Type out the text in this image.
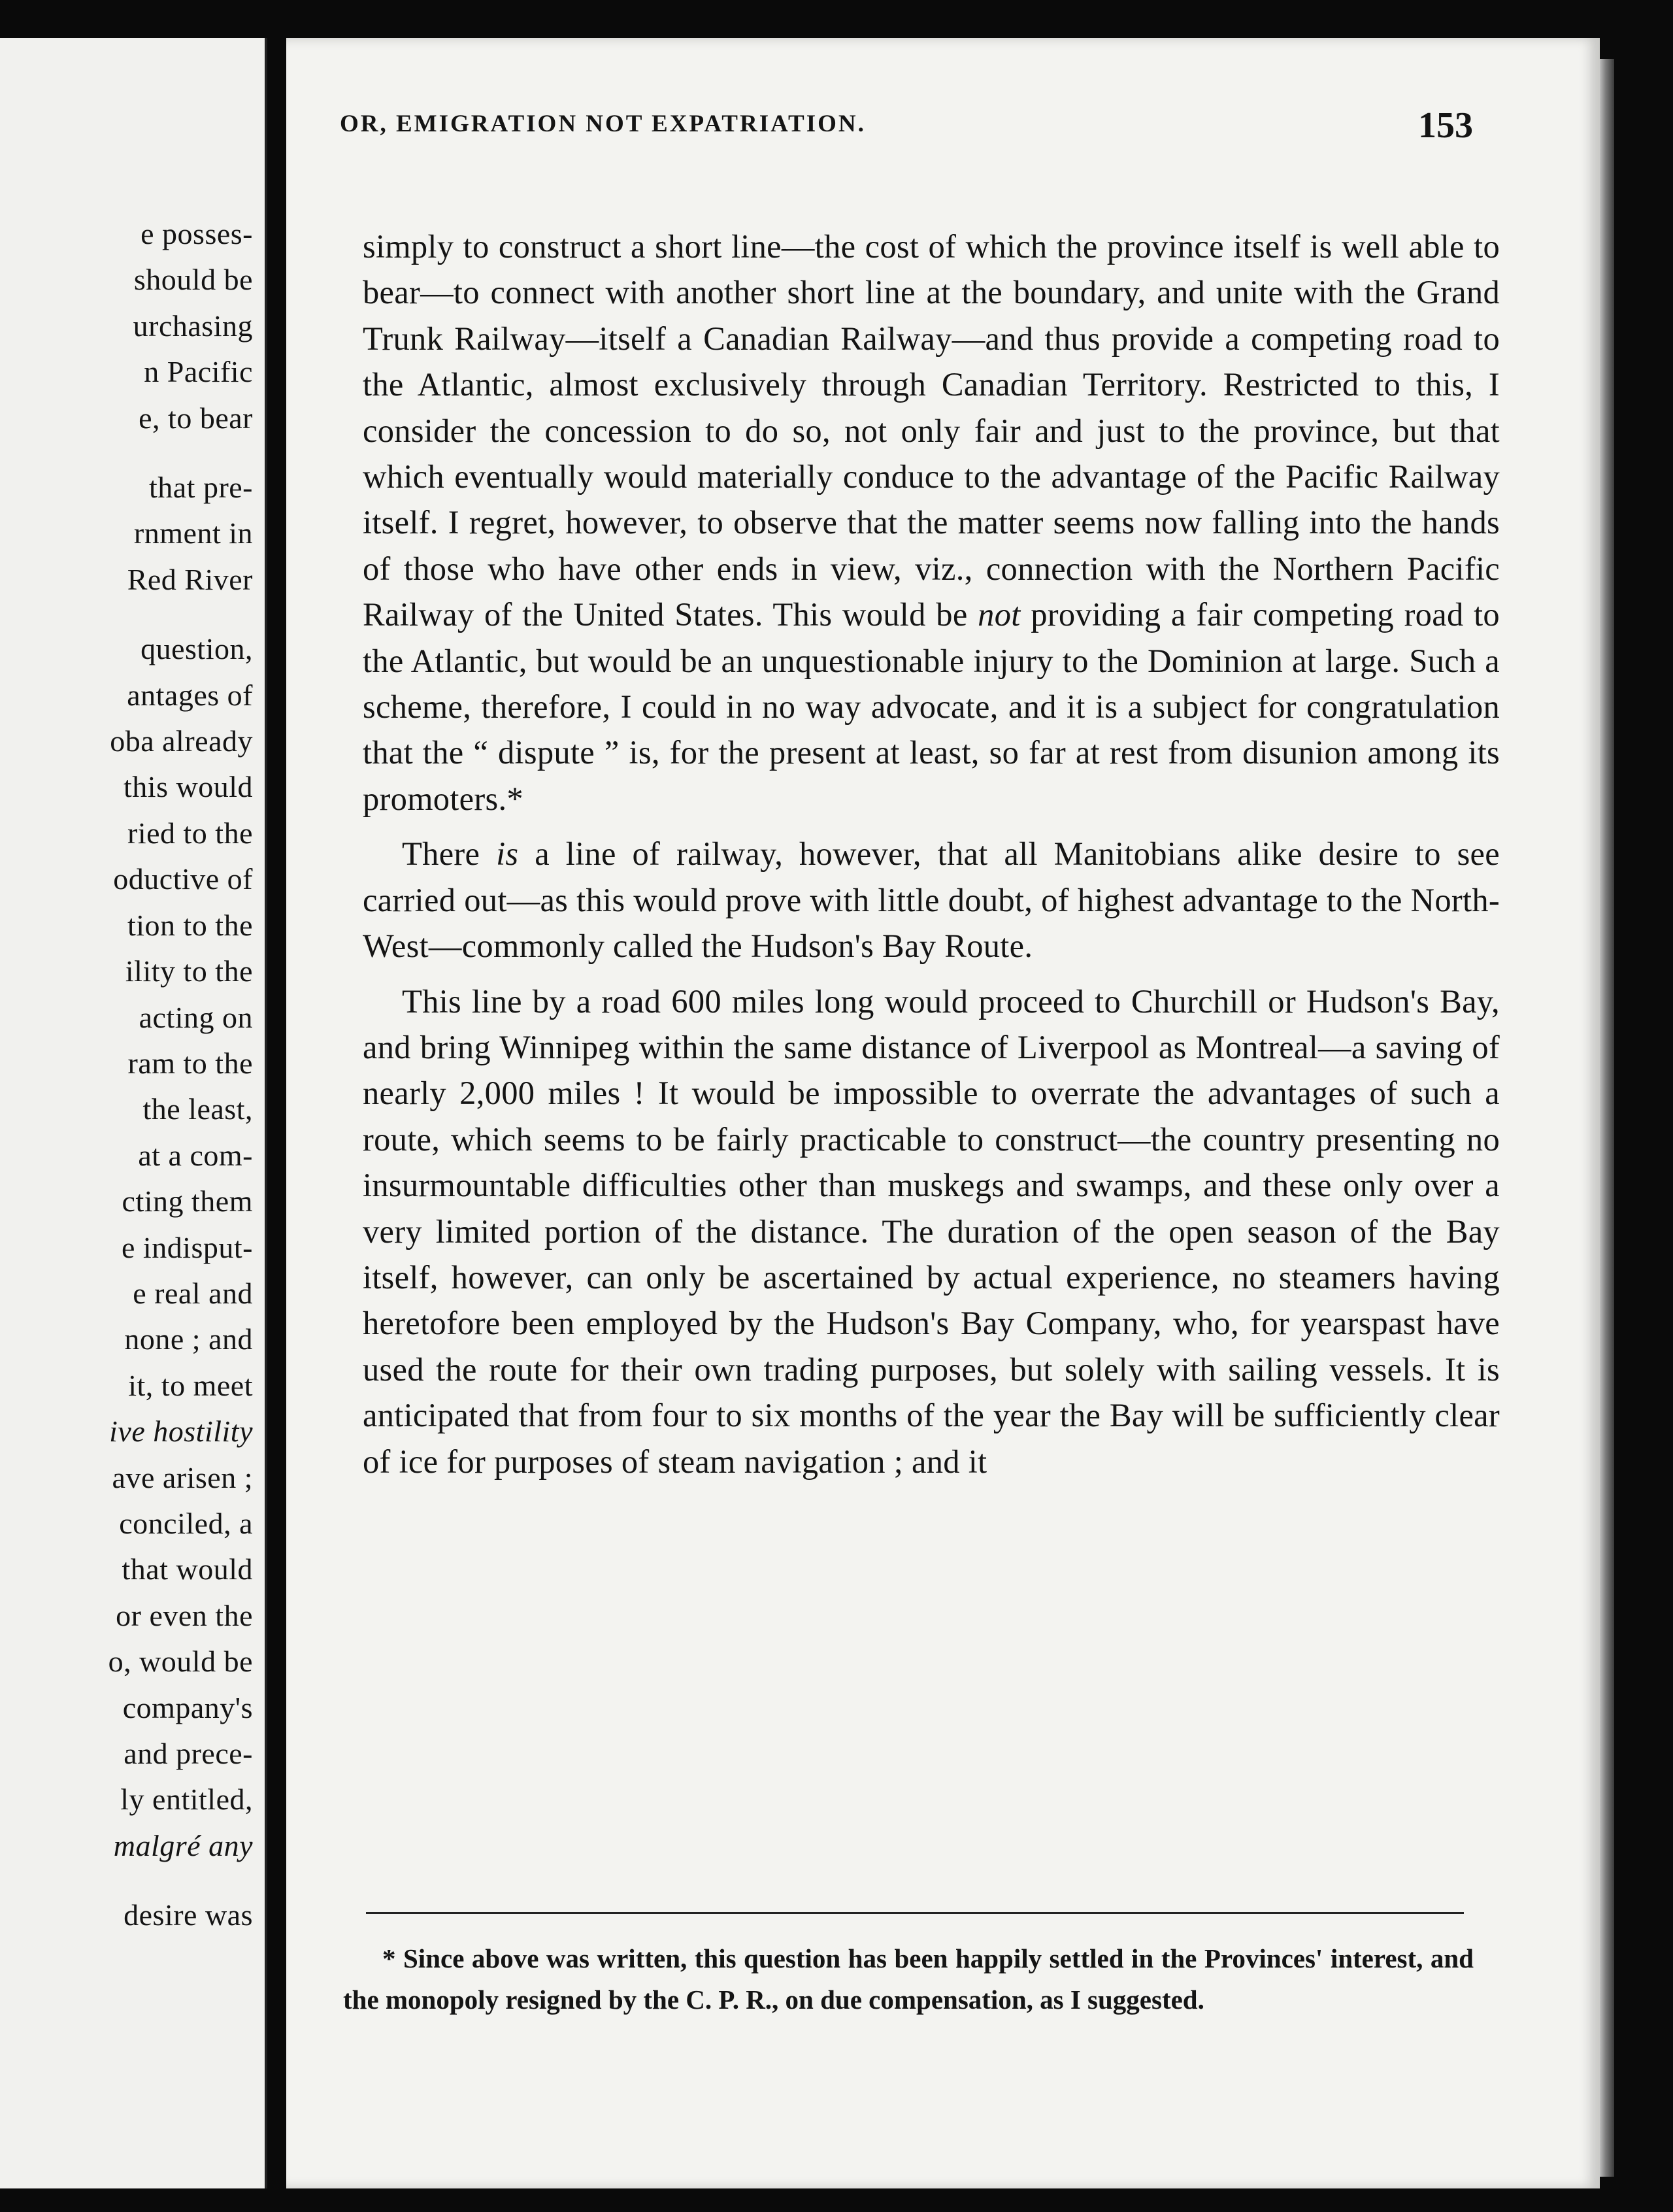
e posses-
should be
urchasing
n Pacific
e, to bear
that pre-
rnment in
Red River
question,
antages of
oba already
this would
ried to the
oductive of
tion to the
ility to the
acting on
ram to the
the least,
at a com-
cting them
e indisput-
e real and
none ; and
it, to meet
ive hostility
ave arisen ;
conciled, a
that would
or even the
o, would be
company's
and prece-
ly entitled,
malgré any
desire was
OR, EMIGRATION NOT EXPATRIATION.	153

simply to construct a short line—the cost of which the province itself is well able to bear—to connect with another short line at the boundary, and unite with the Grand Trunk Railway—itself a Canadian Railway—and thus provide a competing road to the Atlantic, almost exclusively through Canadian Territory. Restricted to this, I consider the concession to do so, not only fair and just to the province, but that which eventually would materially conduce to the advantage of the Pacific Railway itself. I regret, however, to observe that the matter seems now falling into the hands of those who have other ends in view, viz., connection with the Northern Pacific Railway of the United States. This would be not providing a fair competing road to the Atlantic, but would be an unquestionable injury to the Dominion at large. Such a scheme, therefore, I could in no way advocate, and it is a subject for congratulation that the “ dispute ” is, for the present at least, so far at rest from disunion among its promoters.*

There is a line of railway, however, that all Manitobians alike desire to see carried out—as this would prove with little doubt, of highest advantage to the North-West—commonly called the Hudson's Bay Route.

This line by a road 600 miles long would proceed to Churchill or Hudson's Bay, and bring Winnipeg within the same distance of Liverpool as Montreal—a saving of nearly 2,000 miles ! It would be impossible to overrate the advantages of such a route, which seems to be fairly practicable to construct—the country presenting no insurmountable difficulties other than muskegs and swamps, and these only over a very limited portion of the distance. The duration of the open season of the Bay itself, however, can only be ascertained by actual experience, no steamers having heretofore been employed by the Hudson's Bay Company, who, for yearspast have used the route for their own trading purposes, but solely with sailing vessels. It is anticipated that from four to six months of the year the Bay will be sufficiently clear of ice for purposes of steam navigation ; and it

* Since above was written, this question has been happily settled in the Provinces' interest, and the monopoly resigned by the C. P. R., on due compensation, as I suggested.
